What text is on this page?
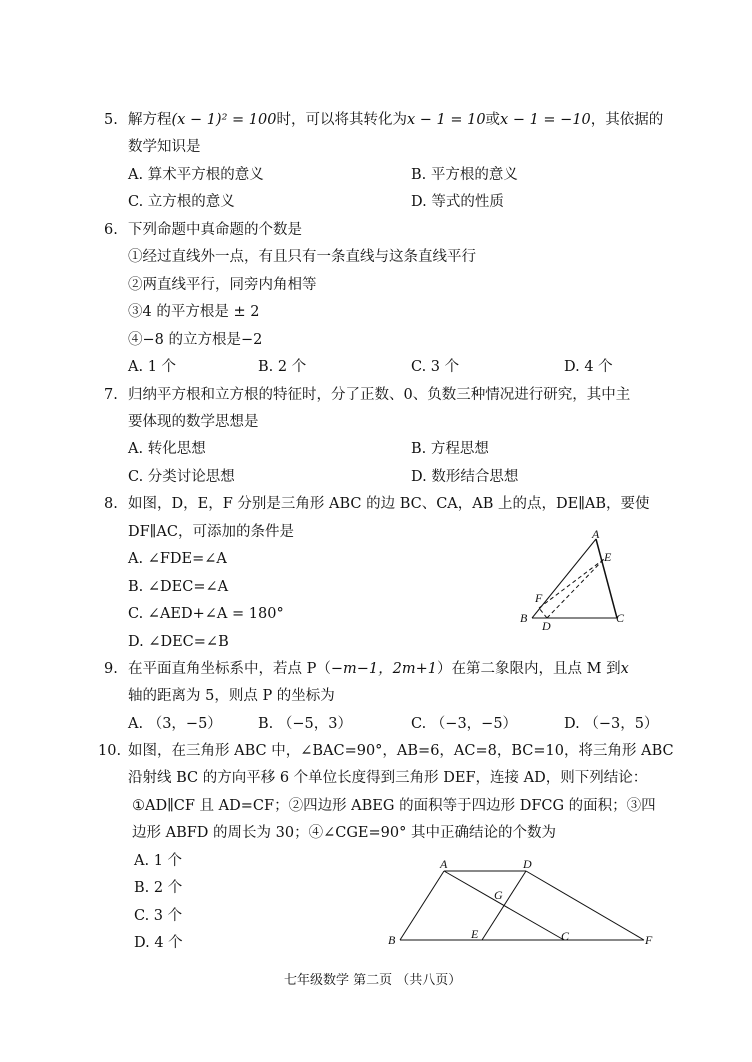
5. 解方程(x − 1)² = 100时，可以将其转化为x − 1 = 10或x − 1 = −10，其依据的
数学知识是
A. 算术平方根的意义	B. 平方根的意义
C. 立方根的意义	D. 等式的性质
6. 下列命题中真命题的个数是
①经过直线外一点，有且只有一条直线与这条直线平行
②两直线平行，同旁内角相等
③4 的平方根是 ± 2
④−8 的立方根是−2
A. 1 个	B. 2 个	C. 3 个	D. 4 个
7. 归纳平方根和立方根的特征时，分了正数、0、负数三种情况进行研究，其中主
要体现的数学思想是
A. 转化思想	B. 方程思想
C. 分类讨论思想	D. 数形结合思想
8. 如图，D，E，F 分别是三角形 ABC 的边 BC、CA，AB 上的点，DE∥AB，要使
DF∥AC，可添加的条件是
A. ∠FDE=∠A
B. ∠DEC=∠A
C. ∠AED+∠A = 180°
D. ∠DEC=∠B
A
E
F
B
D
C
9. 在平面直角坐标系中，若点 P（−m−1，2m+1）在第二象限内，且点 M 到x
轴的距离为 5，则点 P 的坐标为
A. （3，−5） B. （−5，3）	C. （−3，−5）	D. （−3，5）
10. 如图，在三角形 ABC 中，∠BAC=90°，AB=6，AC=8，BC=10，将三角形 ABC
沿射线 BC 的方向平移 6 个单位长度得到三角形 DEF，连接 AD，则下列结论：
①AD∥CF 且 AD=CF；②四边形 ABEG 的面积等于四边形 DFCG 的面积；③四
边形 ABFD 的周长为 30；④∠CGE=90° 其中正确结论的个数为
A. 1 个
B. 2 个
C. 3 个
D. 4 个
A	D
G
B	E	C	F
七年级数学 第二页 （共八页）
